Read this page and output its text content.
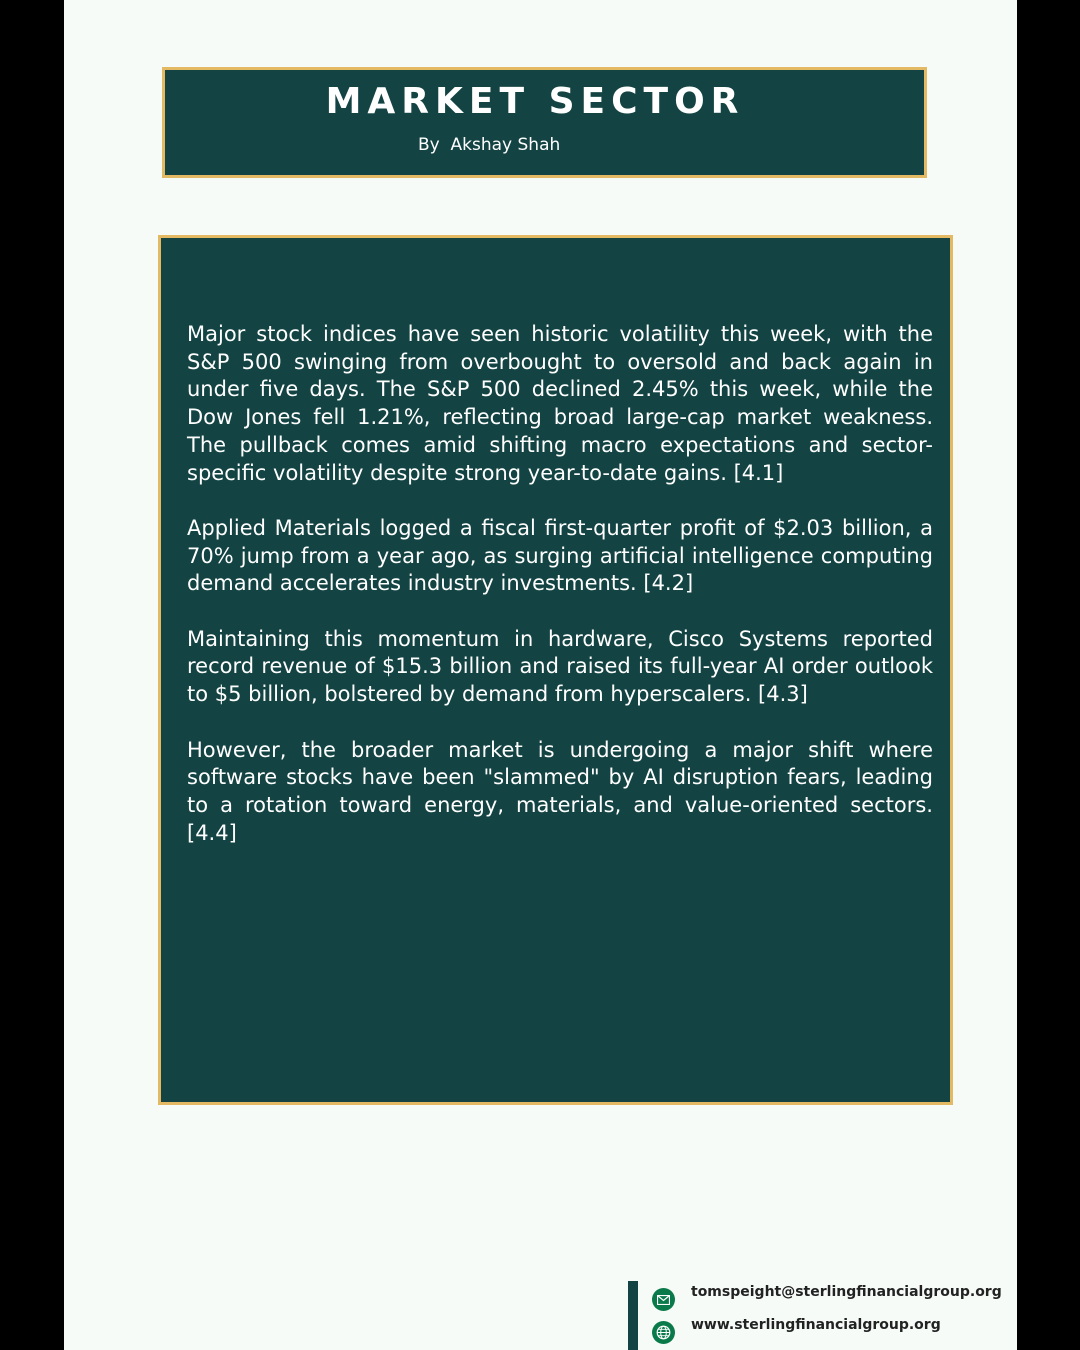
MARKET SECTOR
By  Akshay Shah

Major stock indices have seen historic volatility this week, with the S&P 500 swinging from overbought to oversold and back again in under five days. The S&P 500 declined 2.45% this week, while the Dow Jones fell 1.21%, reflecting broad large-cap market weakness. The pullback comes amid shifting macro expectations and sector-specific volatility despite strong year-to-date gains. [4.1]

Applied Materials logged a fiscal first-quarter profit of $2.03 billion, a 70% jump from a year ago, as surging artificial intelligence computing demand accelerates industry investments. [4.2]

Maintaining this momentum in hardware, Cisco Systems reported record revenue of $15.3 billion and raised its full-year AI order outlook to $5 billion, bolstered by demand from hyperscalers. [4.3]

However, the broader market is undergoing a major shift where software stocks have been "slammed" by AI disruption fears, leading to a rotation toward energy, materials, and value-oriented sectors. [4.4]

tomspeight@sterlingfinancialgroup.org
www.sterlingfinancialgroup.org
